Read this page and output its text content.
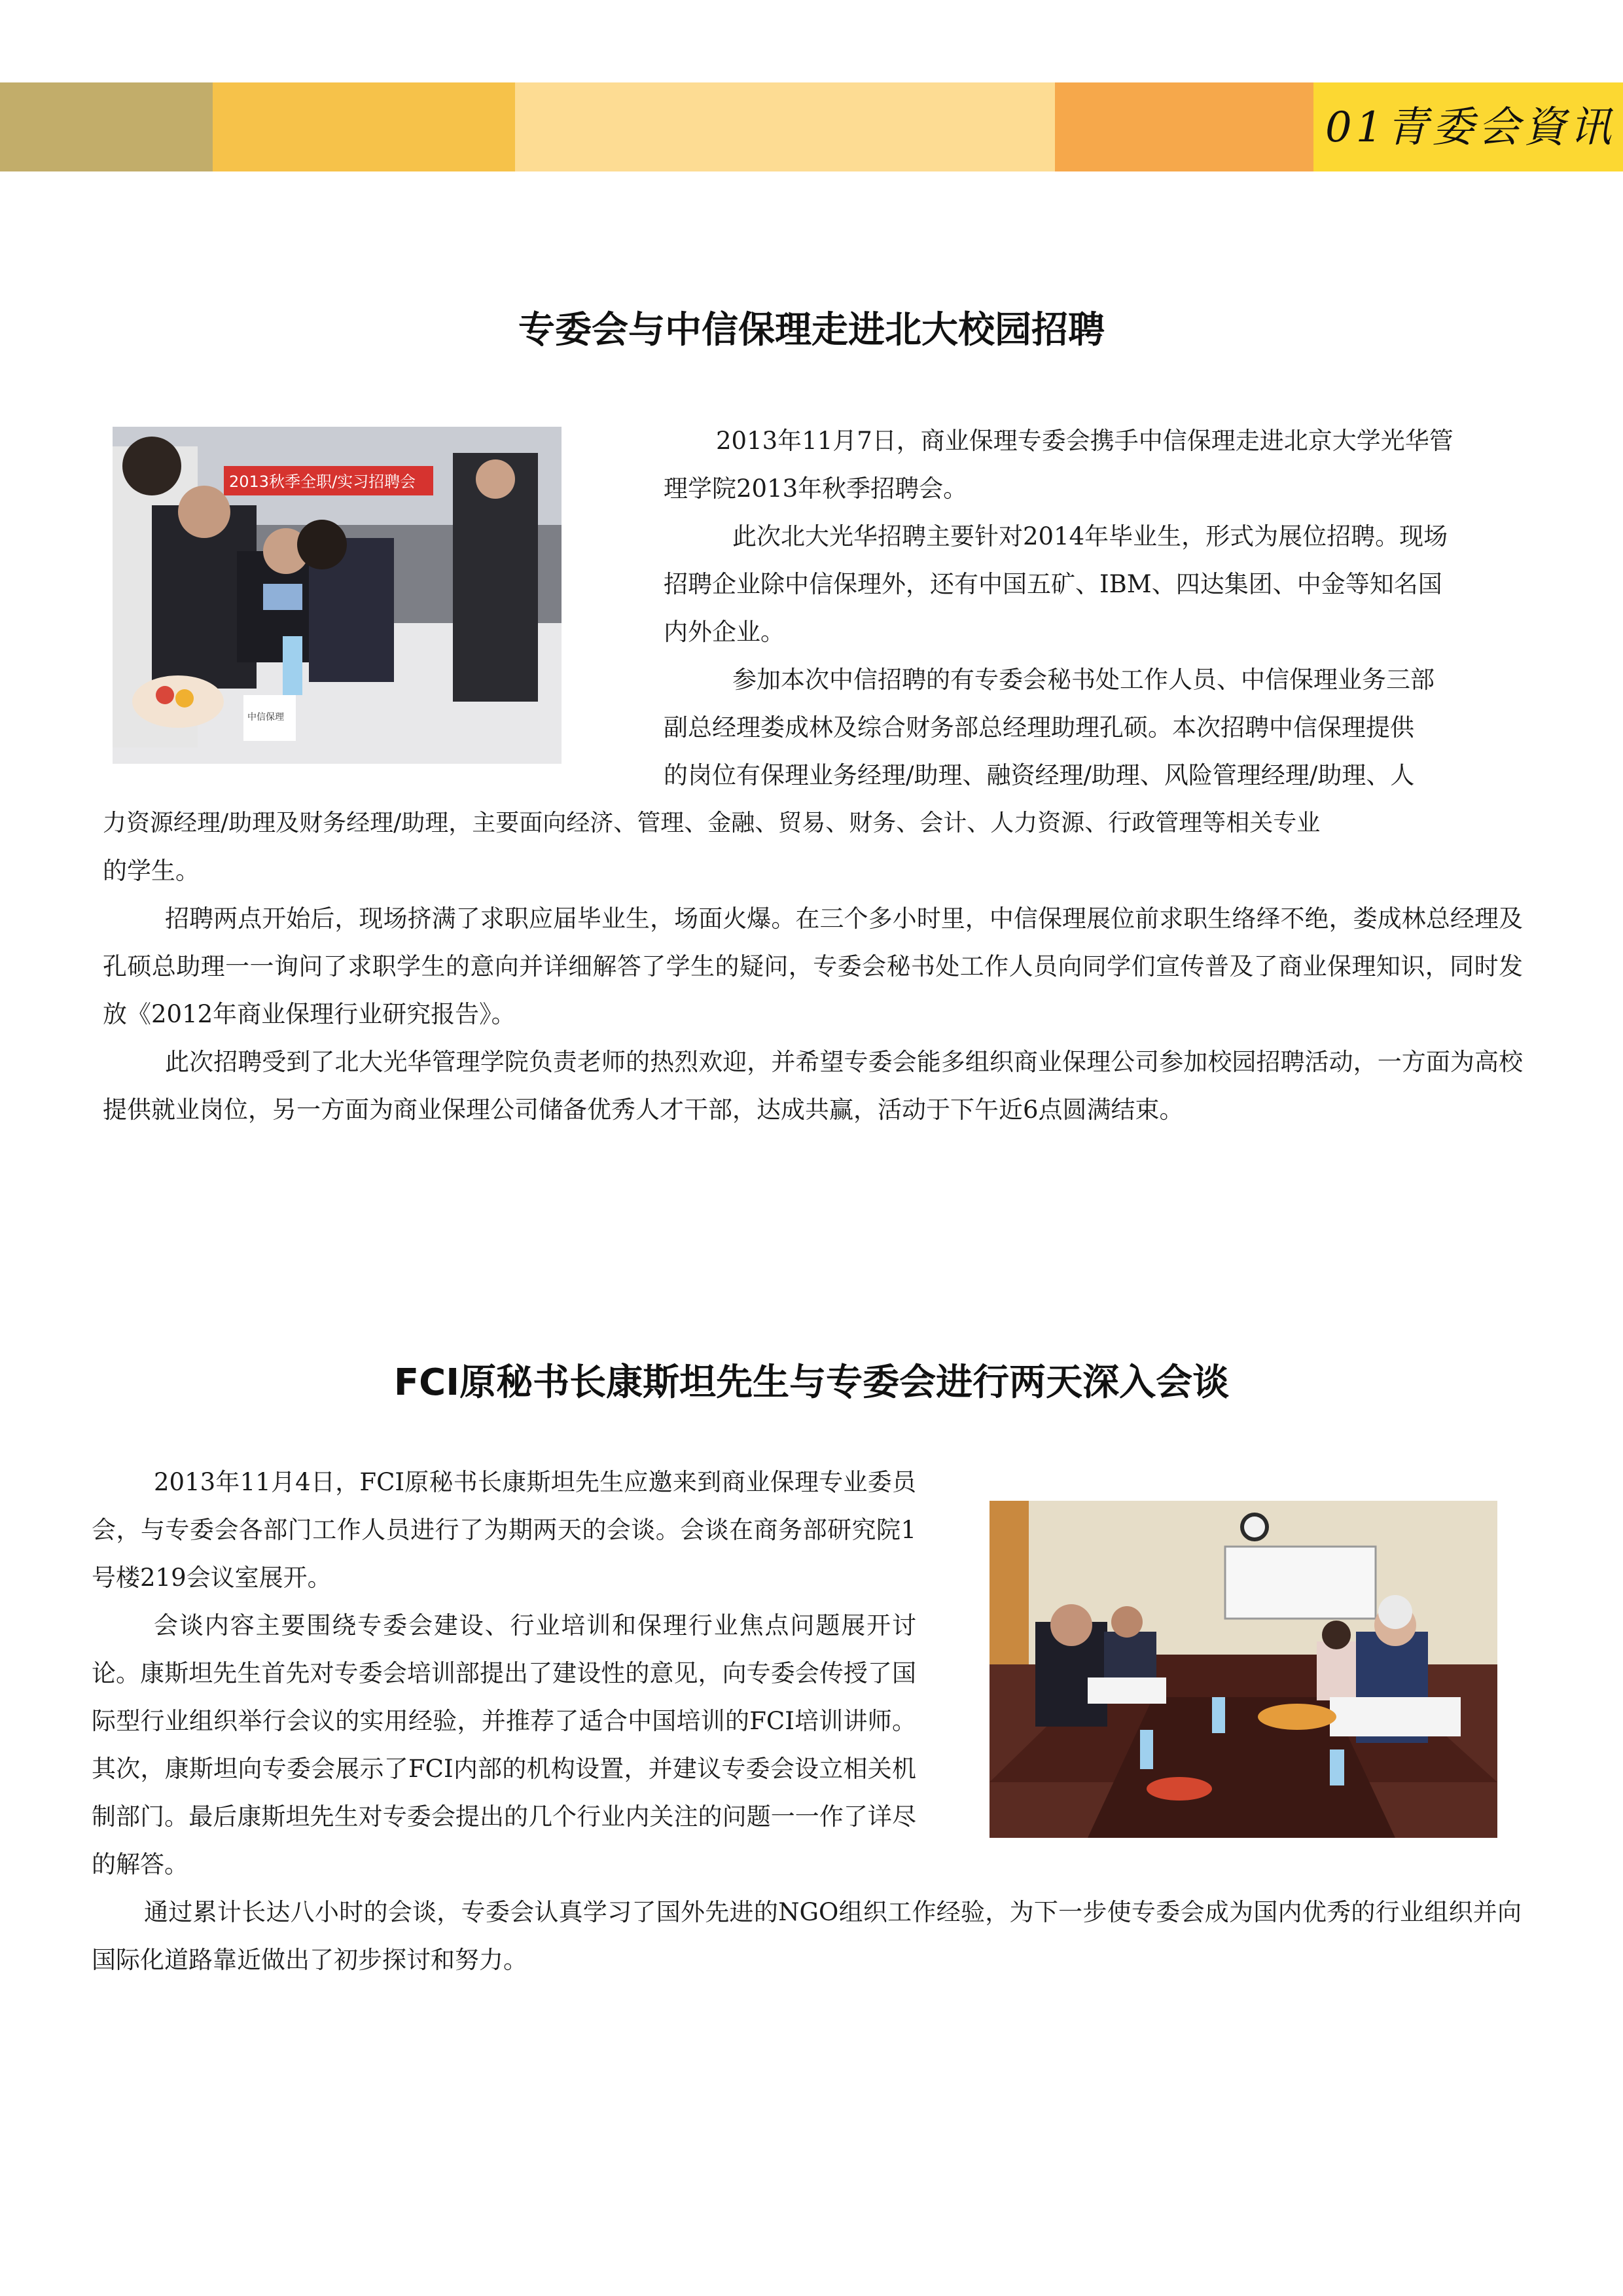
01青委会資讯
专委会与中信保理走进北大校园招聘
2013秋季全职/实习招聘会
中信保理

2013年11月7日，商业保理专委会携手中信保理走进北京大学光华管

理学院2013年秋季招聘会。

此次北大光华招聘主要针对2014年毕业生，形式为展位招聘。现场

招聘企业除中信保理外，还有中国五矿、IBM、四达集团、中金等知名国

内外企业。

参加本次中信招聘的有专委会秘书处工作人员、中信保理业务三部

副总经理娄成林及综合财务部总经理助理孔硕。本次招聘中信保理提供

的岗位有保理业务经理/助理、融资经理/助理、风险管理经理/助理、人

力资源经理/助理及财务经理/助理，主要面向经济、管理、金融、贸易、财务、会计、人力资源、行政管理等相关专业

的学生。

招聘两点开始后，现场挤满了求职应届毕业生，场面火爆。在三个多小时里，中信保理展位前求职生络绎不绝，娄成林总经理及孔硕总助理一一询问了求职学生的意向并详细解答了学生的疑问，专委会秘书处工作人员向同学们宣传普及了商业保理知识，同时发放《2012年商业保理行业研究报告》。

此次招聘受到了北大光华管理学院负责老师的热烈欢迎，并希望专委会能多组织商业保理公司参加校园招聘活动，一方面为高校提供就业岗位，另一方面为商业保理公司储备优秀人才干部，达成共赢，活动于下午近6点圆满结束。

FCI原秘书长康斯坦先生与专委会进行两天深入会谈

2013年11月4日，FCI原秘书长康斯坦先生应邀来到商业保理专业委员会，与专委会各部门工作人员进行了为期两天的会谈。会谈在商务部研究院1号楼219会议室展开。

会谈内容主要围绕专委会建设、行业培训和保理行业焦点问题展开讨论。康斯坦先生首先对专委会培训部提出了建设性的意见，向专委会传授了国际型行业组织举行会议的实用经验，并推荐了适合中国培训的FCI培训讲师。其次，康斯坦向专委会展示了FCI内部的机构设置，并建议专委会设立相关机制部门。最后康斯坦先生对专委会提出的几个行业内关注的问题一一作了详尽的解答。

通过累计长达八小时的会谈，专委会认真学习了国外先进的NGO组织工作经验，为下一步使专委会成为国内优秀的行业组织并向国际化道路靠近做出了初步探讨和努力。
